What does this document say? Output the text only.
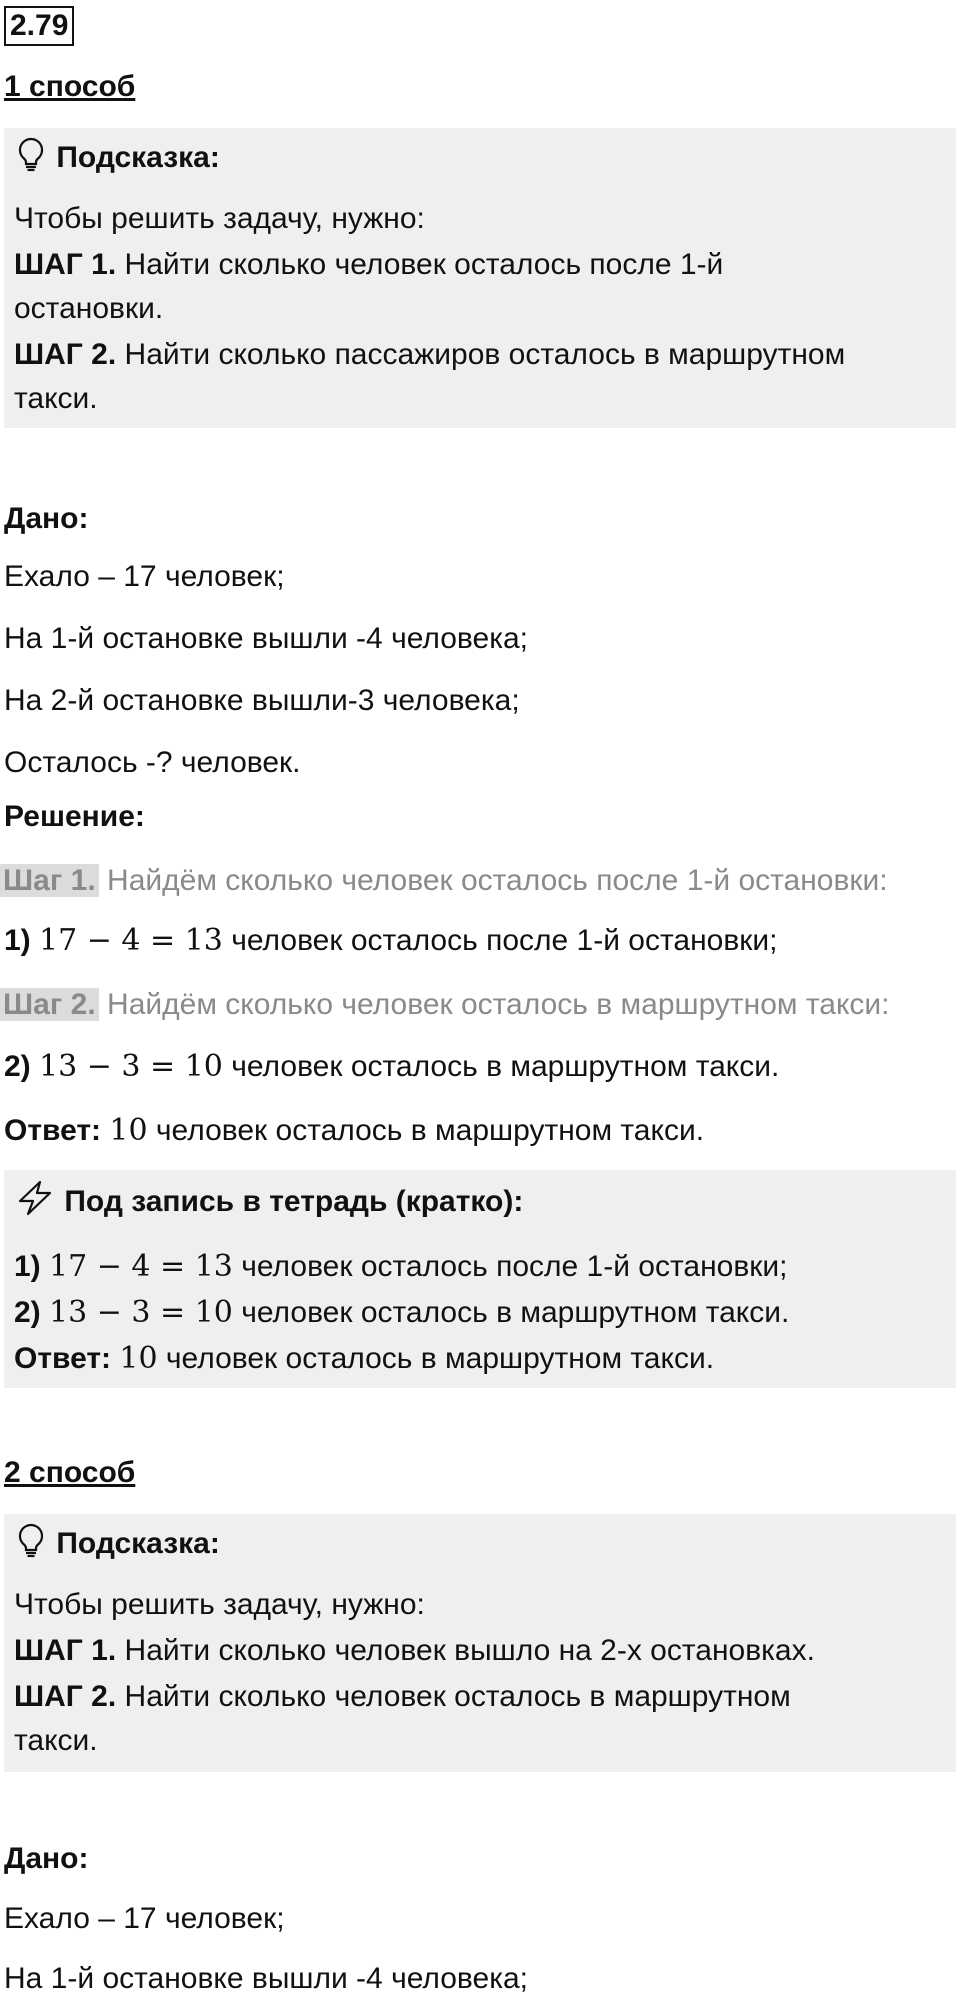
2.79
1 способ
Подсказка:
Чтобы решить задачу, нужно:
ШАГ 1. Найти сколько человек осталось после 1-й
остановки.
ШАГ 2. Найти сколько пассажиров осталось в маршрутном
такси.
Дано:
Ехало – 17 человек;
На 1-й остановке вышли -4 человека;
На 2-й остановке вышли-3 человека;
Осталось -? человек.
Решение:
Шаг 1. Найдём сколько человек осталось после 1-й остановки:
1) 17 − 4 = 13 человек осталось после 1-й остановки;
Шаг 2. Найдём сколько человек осталось в маршрутном такси:
2) 13 − 3 = 10 человек осталось в маршрутном такси.
Ответ: 10 человек осталось в маршрутном такси.
Под запись в тетрадь (кратко):
1) 17 − 4 = 13 человек осталось после 1-й остановки;
2) 13 − 3 = 10 человек осталось в маршрутном такси.
Ответ: 10 человек осталось в маршрутном такси.
2 способ
Подсказка:
Чтобы решить задачу, нужно:
ШАГ 1. Найти сколько человек вышло на 2-х остановках.
ШАГ 2. Найти сколько человек осталось в маршрутном
такси.
Дано:
Ехало – 17 человек;
На 1-й остановке вышли -4 человека;
